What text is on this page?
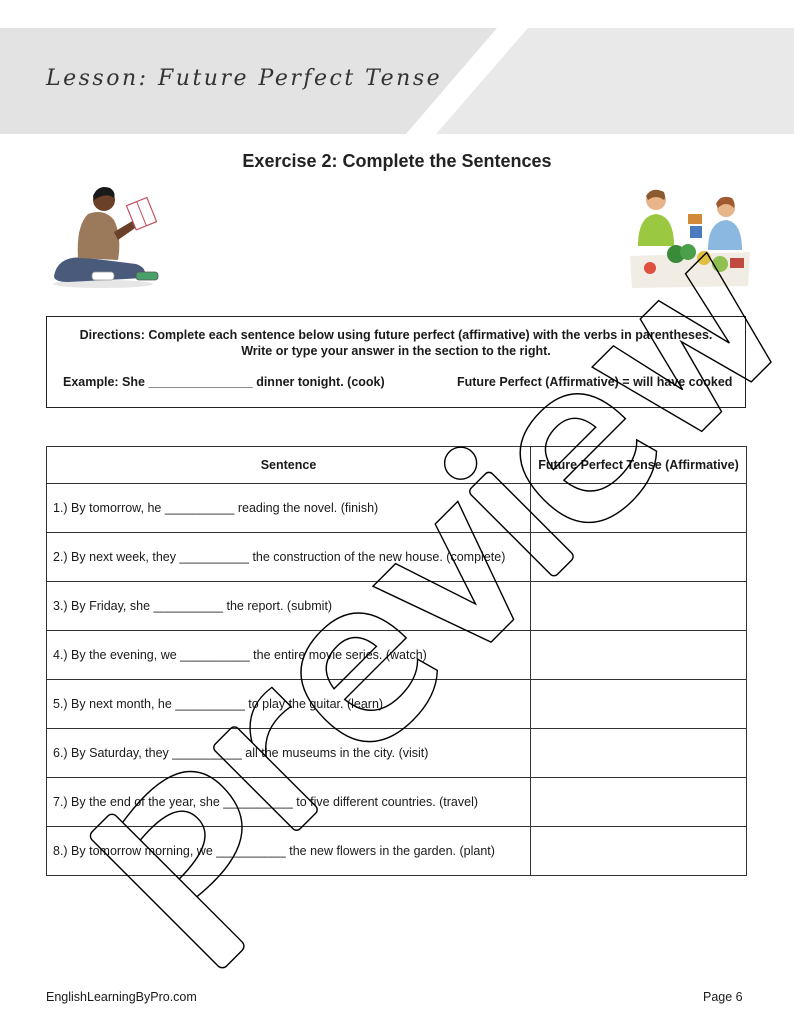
Lesson: Future Perfect Tense
Exercise 2: Complete the Sentences
Directions: Complete each sentence below using future perfect (affirmative) with the verbs in parentheses.
Write or type your answer in the section to the right.
Example: She _______________ dinner tonight. (cook)	Future Perfect (Affirmative) = will have cooked
Sentence	Future Perfect Tense (Affirmative)
1.) By tomorrow, he __________ reading the novel. (finish)	
2.) By next week, they __________ the construction of the new house. (complete)	
3.) By Friday, she __________ the report. (submit)	
4.) By the evening, we __________ the entire movie series. (watch)	
5.) By next month, he __________ to play the guitar. (learn)	
6.) By Saturday, they __________ all the museums in the city. (visit)	
7.) By the end of the year, she __________ to five different countries. (travel)	
8.) By tomorrow morning, we __________ the new flowers in the garden. (plant)	
EnglishLearningByPro.com	Page 6
